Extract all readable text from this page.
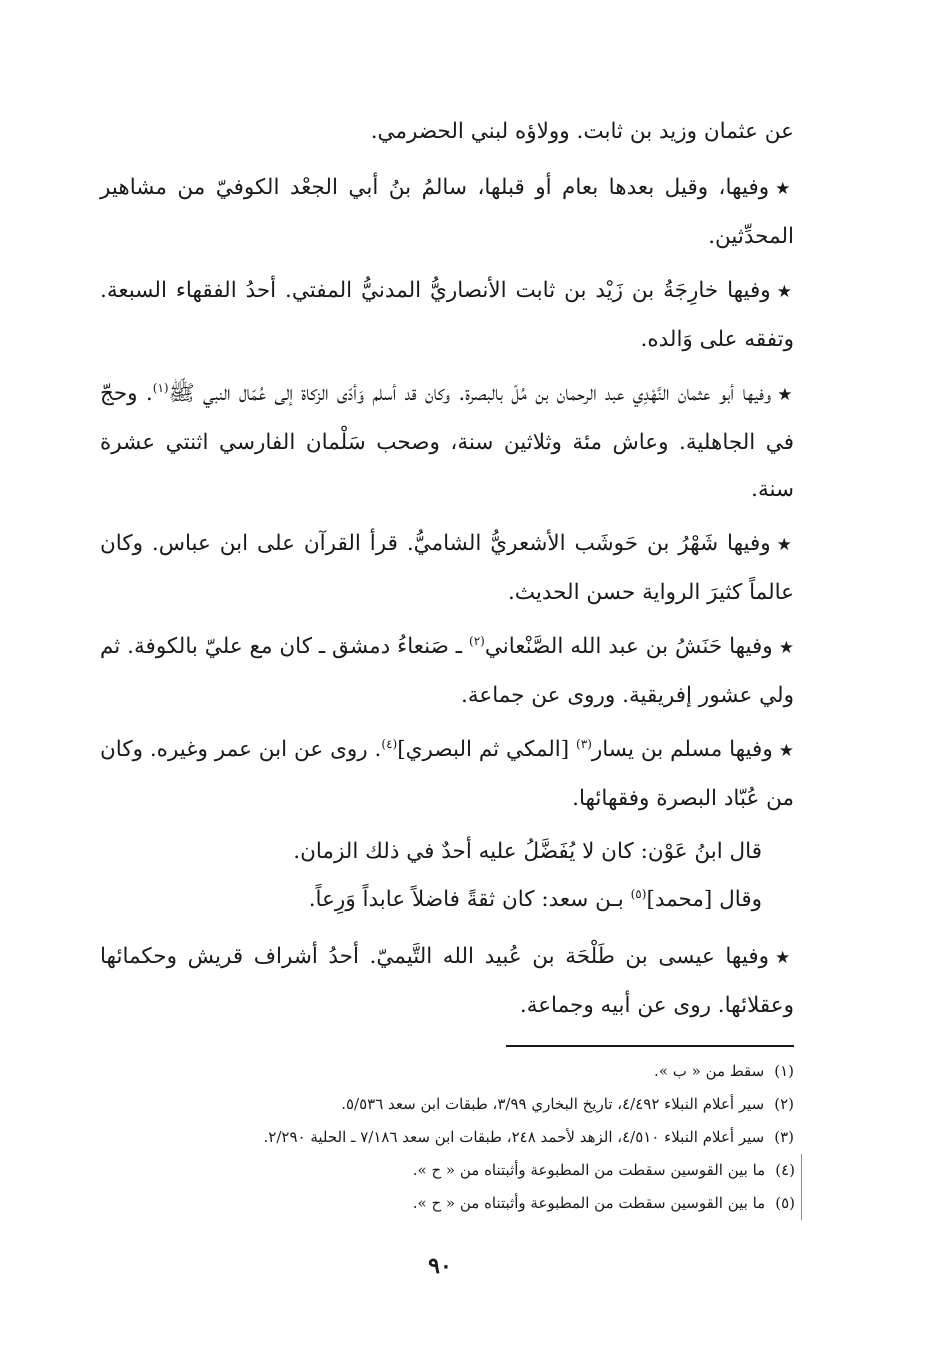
عن عثمان وزيد بن ثابت. وولاؤه لبني الحضرمي.

★وفيها، وقيل بعدها بعام أو قبلها، سالمُ بنُ أبي الجعْد الكوفيّ من مشاهير المحدِّثين.

★وفيها خارِجَةُ بن زَيْد بن ثابت الأنصاريُّ المدنيُّ المفتي. أحدُ الفقهاء السبعة. وتفقه على وَالده.

★وفيها أبو عثمان النَّهْدِي عبد الرحمان بن مُلّ بالبصرة. وكان قد أسلم وَأدّى الزكاة إلى عُمّال النبي ﷺ$^{(١)}$. وحجّ في الجاهلية. وعاش مئة وثلاثين سنة، وصحب سَلْمان الفارسي اثنتي عشرة سنة.

★وفيها شَهْرُ بن حَوشَب الأشعريُّ الشاميُّ. قرأ القرآن على ابن عباس. وكان عالماً كثيرَ الرواية حسن الحديث.

★وفيها حَنَشُ بن عبد الله الصَّنْعاني$^{(٢)}$ ـ صَنعاءُ دمشق ـ كان مع عليّ بالكوفة. ثم ولي عشور إفريقية. وروى عن جماعة.

★وفيها مسلم بن يسار$^{(٣)}$ [المكي ثم البصري]$^{(٤)}$. روى عن ابن عمر وغيره. وكان من عُبّاد البصرة وفقهائها.

قال ابنُ عَوْن: كان لا يُفَضَّلُ عليه أحدٌ في ذلك الزمان.

وقال [محمد]$^{(٥)}$ بـن سعد: كان ثقةً فاضلاً عابداً وَرِعاً.

★وفيها عيسى بن طَلْحَة بن عُبيد الله التَّيميّ. أحدُ أشراف قريش وحكمائها وعقلائها. روى عن أبيه وجماعة.

(١)سقط من « ب ».

(٢)سير أعلام النبلاء ٤/٤٩٢، تاريخ البخاري ٣/٩٩، طبقات ابن سعد ٥/٥٣٦.

(٣)سير أعلام النبلاء ٤/٥١٠، الزهد لأحمد ٢٤٨، طبقات ابن سعد ٧/١٨٦ ـ الحلية ٢/٢٩٠.

(٤)ما بين القوسين سقطت من المطبوعة وأثبتناه من « ح ».

(٥)ما بين القوسين سقطت من المطبوعة وأثبتناه من « ح ».

٩٠
